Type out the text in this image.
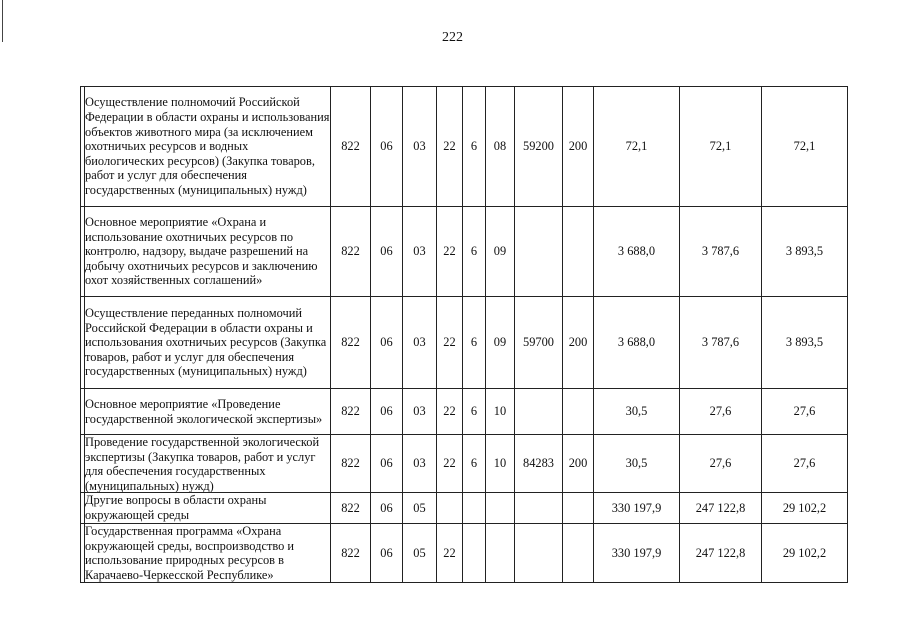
222

	Осуществление полномочий Российской Федерации в области охраны и использования объектов животного мира (за исключением охотничьих ресурсов и водных биологических ресурсов) (Закупка товаров, работ и услуг для обеспечения государственных (муниципальных) нужд)	822	06	03	22	6	08	59200	200	72,1	72,1	72,1

	Основное мероприятие «Охрана и использование охотничьих ресурсов по контролю, надзору, выдаче разрешений на добычу охотничьих ресурсов и заключению охот хозяйственных соглашений»	822	06	03	22	6	09			3 688,0	3 787,6	3 893,5

	Осуществление переданных полномочий Российской Федерации в области охраны и использования охотничьих ресурсов (Закупка товаров, работ и услуг для обеспечения государственных (муниципальных) нужд)	822	06	03	22	6	09	59700	200	3 688,0	3 787,6	3 893,5

	Основное мероприятие «Проведение государственной экологической экспертизы»	822	06	03	22	6	10			30,5	27,6	27,6

	Проведение государственной экологической экспертизы (Закупка товаров, работ и услуг для обеспечения государственных (муниципальных) нужд)	822	06	03	22	6	10	84283	200	30,5	27,6	27,6

	Другие вопросы в области охраны окружающей среды	822	06	05						330 197,9	247 122,8	29 102,2

	Государственная программа «Охрана окружающей среды, воспроизводство и использование природных ресурсов в Карачаево-Черкесской Республике»	822	06	05	22					330 197,9	247 122,8	29 102,2
